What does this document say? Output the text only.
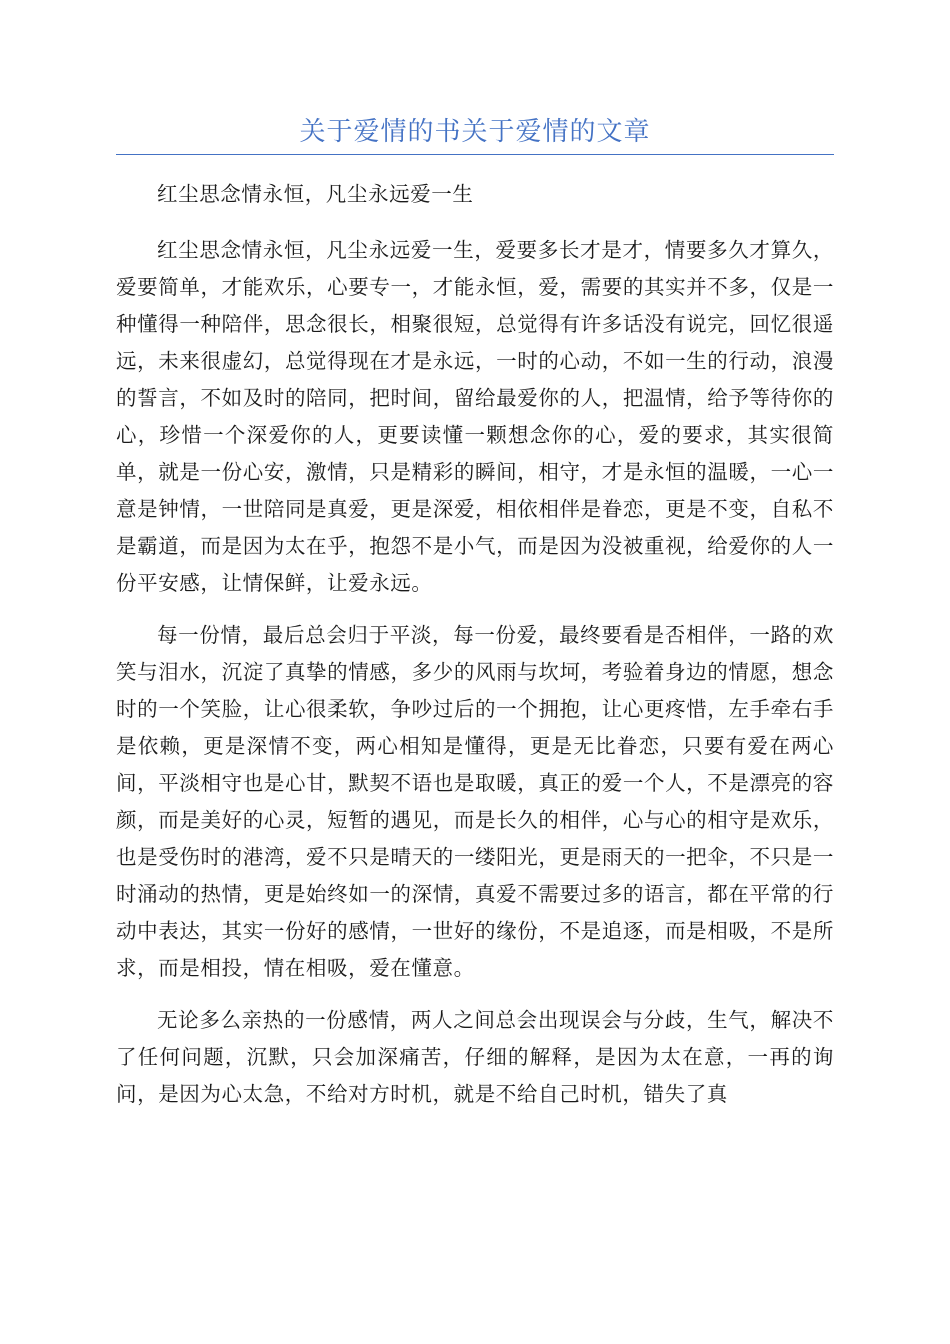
关于爱情的书关于爱情的文章

红尘思念情永恒，凡尘永远爱一生

红尘思念情永恒，凡尘永远爱一生，爱要多长才是才，情要多久才算久，爱要简单，才能欢乐，心要专一，才能永恒，爱，需要的其实并不多，仅是一种懂得一种陪伴，思念很长，相聚很短，总觉得有许多话没有说完，回忆很遥远，未来很虚幻，总觉得现在才是永远，一时的心动，不如一生的行动，浪漫的誓言，不如及时的陪同，把时间，留给最爱你的人，把温情，给予等待你的心，珍惜一个深爱你的人，更要读懂一颗想念你的心，爱的要求，其实很简单，就是一份心安，激情，只是精彩的瞬间，相守，才是永恒的温暖，一心一意是钟情，一世陪同是真爱，更是深爱，相依相伴是眷恋，更是不变，自私不是霸道，而是因为太在乎，抱怨不是小气，而是因为没被重视，给爱你的人一份平安感，让情保鲜，让爱永远。

每一份情，最后总会归于平淡，每一份爱，最终要看是否相伴，一路的欢笑与泪水，沉淀了真挚的情感，多少的风雨与坎坷，考验着身边的情愿，想念时的一个笑脸，让心很柔软，争吵过后的一个拥抱，让心更疼惜，左手牵右手是依赖，更是深情不变，两心相知是懂得，更是无比眷恋，只要有爱在两心间，平淡相守也是心甘，默契不语也是取暖，真正的爱一个人，不是漂亮的容颜，而是美好的心灵，短暂的遇见，而是长久的相伴，心与心的相守是欢乐，也是受伤时的港湾，爱不只是晴天的一缕阳光，更是雨天的一把伞，不只是一时涌动的热情，更是始终如一的深情，真爱不需要过多的语言，都在平常的行动中表达，其实一份好的感情，一世好的缘份，不是追逐，而是相吸，不是所求，而是相投，情在相吸，爱在懂意。

无论多么亲热的一份感情，两人之间总会出现误会与分歧，生气，解决不了任何问题，沉默，只会加深痛苦，仔细的解释，是因为太在意，一再的询问，是因为心太急，不给对方时机，就是不给自己时机，错失了真
